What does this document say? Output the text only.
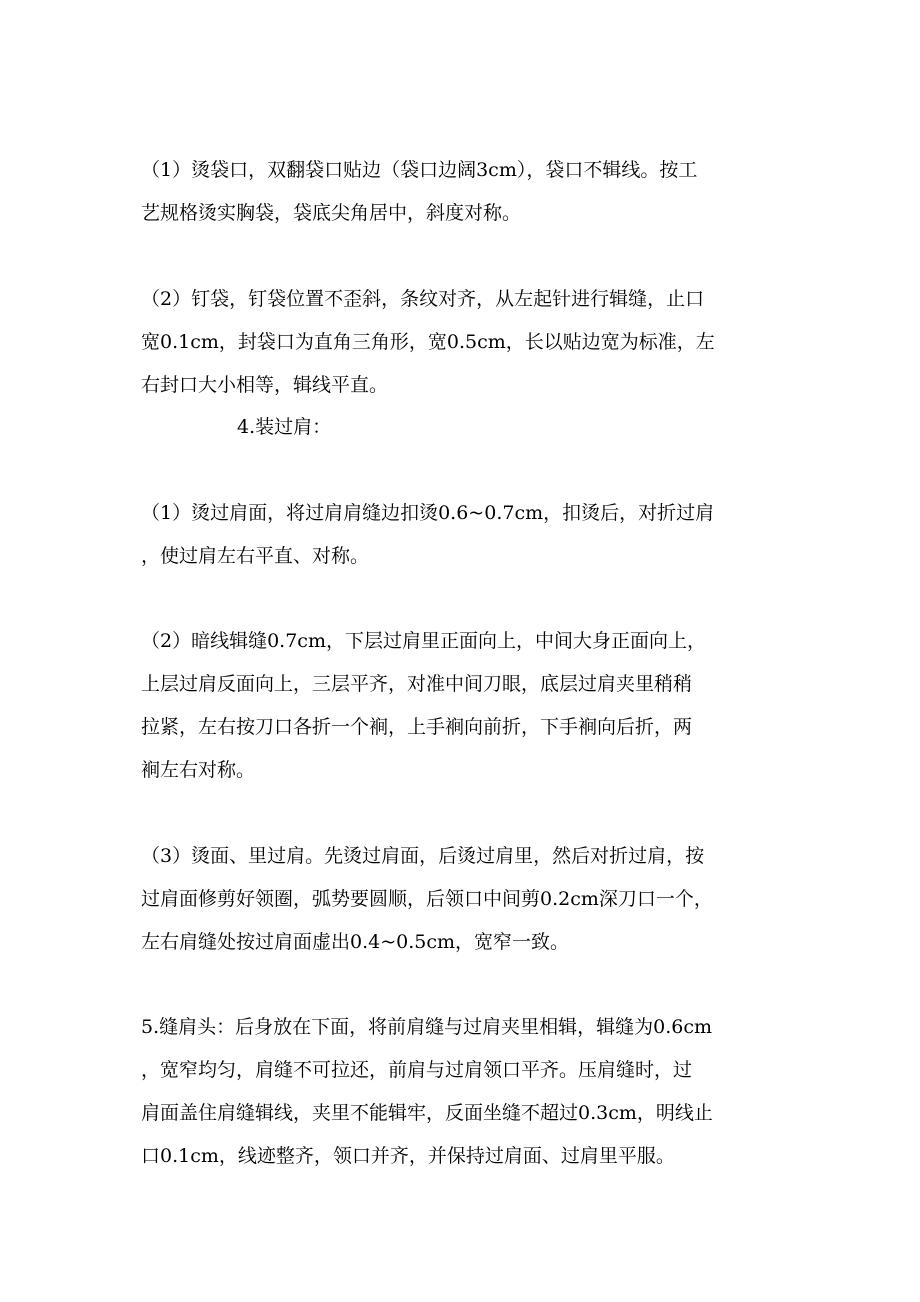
（1）烫袋口，双翻袋口贴边（袋口边阔3cm），袋口不辑线。按工
艺规格烫实胸袋，袋底尖角居中，斜度对称。
（2）钉袋，钉袋位置不歪斜，条纹对齐，从左起针进行辑缝，止口
宽0.1cm，封袋口为直角三角形，宽0.5cm，长以贴边宽为标准，左
右封口大小相等，辑线平直。
4.装过肩：
（1）烫过肩面，将过肩肩缝边扣烫0.6~0.7cm，扣烫后，对折过肩
，使过肩左右平直、对称。
（2）暗线辑缝0.7cm，下层过肩里正面向上，中间大身正面向上，
上层过肩反面向上，三层平齐，对准中间刀眼，底层过肩夹里稍稍
拉紧，左右按刀口各折一个裥，上手裥向前折，下手裥向后折，两
裥左右对称。
（3）烫面、里过肩。先烫过肩面，后烫过肩里，然后对折过肩，按
过肩面修剪好领圈，弧势要圆顺，后领口中间剪0.2cm深刀口一个，
左右肩缝处按过肩面虚出0.4~0.5cm，宽窄一致。
5.缝肩头：后身放在下面，将前肩缝与过肩夹里相辑，辑缝为0.6cm
，宽窄均匀，肩缝不可拉还，前肩与过肩领口平齐。压肩缝时，过
肩面盖住肩缝辑线，夹里不能辑牢，反面坐缝不超过0.3cm，明线止
口0.1cm，线迹整齐，领口并齐，并保持过肩面、过肩里平服。
